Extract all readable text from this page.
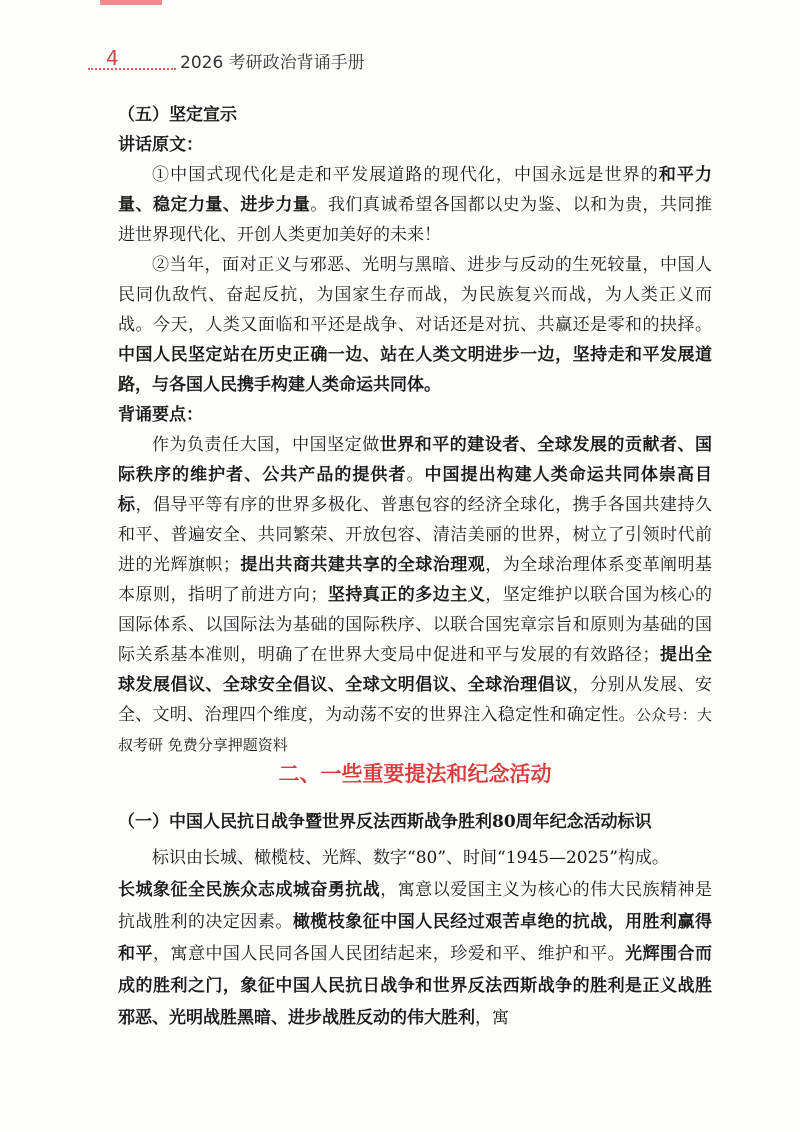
4	2026 考研政治背诵手册

（五）坚定宣示

讲话原文：

①中国式现代化是走和平发展道路的现代化，中国永远是世界的和平力量、稳定力量、进步力量。我们真诚希望各国都以史为鉴、以和为贵，共同推进世界现代化、开创人类更加美好的未来！

②当年，面对正义与邪恶、光明与黑暗、进步与反动的生死较量，中国人民同仇敌忾、奋起反抗，为国家生存而战，为民族复兴而战，为人类正义而战。今天，人类又面临和平还是战争、对话还是对抗、共赢还是零和的抉择。中国人民坚定站在历史正确一边、站在人类文明进步一边，坚持走和平发展道路，与各国人民携手构建人类命运共同体。

背诵要点：

作为负责任大国，中国坚定做世界和平的建设者、全球发展的贡献者、国际秩序的维护者、公共产品的提供者。中国提出构建人类命运共同体崇高目标，倡导平等有序的世界多极化、普惠包容的经济全球化，携手各国共建持久和平、普遍安全、共同繁荣、开放包容、清洁美丽的世界，树立了引领时代前进的光辉旗帜；提出共商共建共享的全球治理观，为全球治理体系变革阐明基本原则，指明了前进方向；坚持真正的多边主义，坚定维护以联合国为核心的国际体系、以国际法为基础的国际秩序、以联合国宪章宗旨和原则为基础的国际关系基本准则，明确了在世界大变局中促进和平与发展的有效路径；提出全球发展倡议、全球安全倡议、全球文明倡议、全球治理倡议，分别从发展、安全、文明、治理四个维度，为动荡不安的世界注入稳定性和确定性。公众号：大叔考研 免费分享押题资料

二、一些重要提法和纪念活动

（一）中国人民抗日战争暨世界反法西斯战争胜利80周年纪念活动标识

标识由长城、橄榄枝、光辉、数字“80”、时间“1945—2025”构成。

长城象征全民族众志成城奋勇抗战，寓意以爱国主义为核心的伟大民族精神是抗战胜利的决定因素。橄榄枝象征中国人民经过艰苦卓绝的抗战，用胜利赢得和平，寓意中国人民同各国人民团结起来，珍爱和平、维护和平。光辉围合而成的胜利之门，象征中国人民抗日战争和世界反法西斯战争的胜利是正义战胜邪恶、光明战胜黑暗、进步战胜反动的伟大胜利，寓
